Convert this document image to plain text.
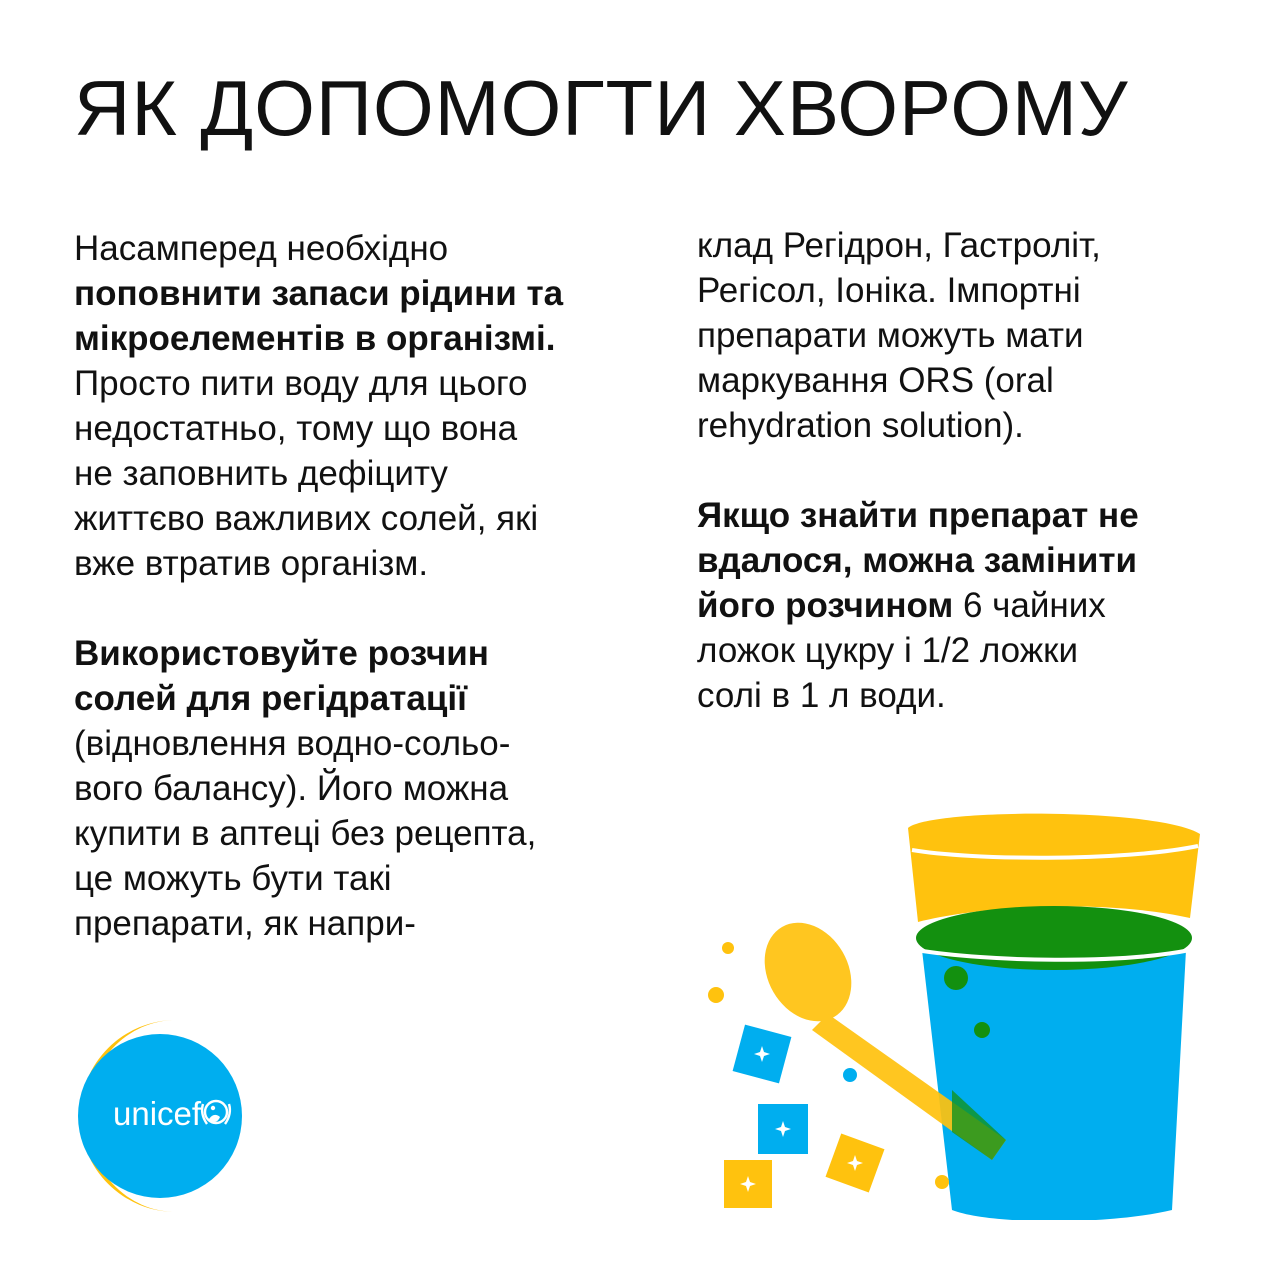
ЯК ДОПОМОГТИ ХВОРОМУ

Насамперед необхідно
поповнити запаси рідини та
мікроелементів в організмі.
Просто пити воду для цього
недостатньо, тому що вона
не заповнить дефіциту
життєво важливих солей, які
вже втратив організм.

Використовуйте розчин
солей для регідратації
(відновлення водно-сольо-
вого балансу). Його можна
купити в аптеці без рецепта,
це можуть бути такі
препарати, як напри-

клад Регідрон, Гастроліт,
Регісол, Іоніка. Імпортні
препарати можуть мати
маркування ORS (oral
rehydration solution).

Якщо знайти препарат не
вдалося, можна замінити
його розчином 6 чайних
ложок цукру і 1/2 ложки
солі в 1 л води.

unicef
